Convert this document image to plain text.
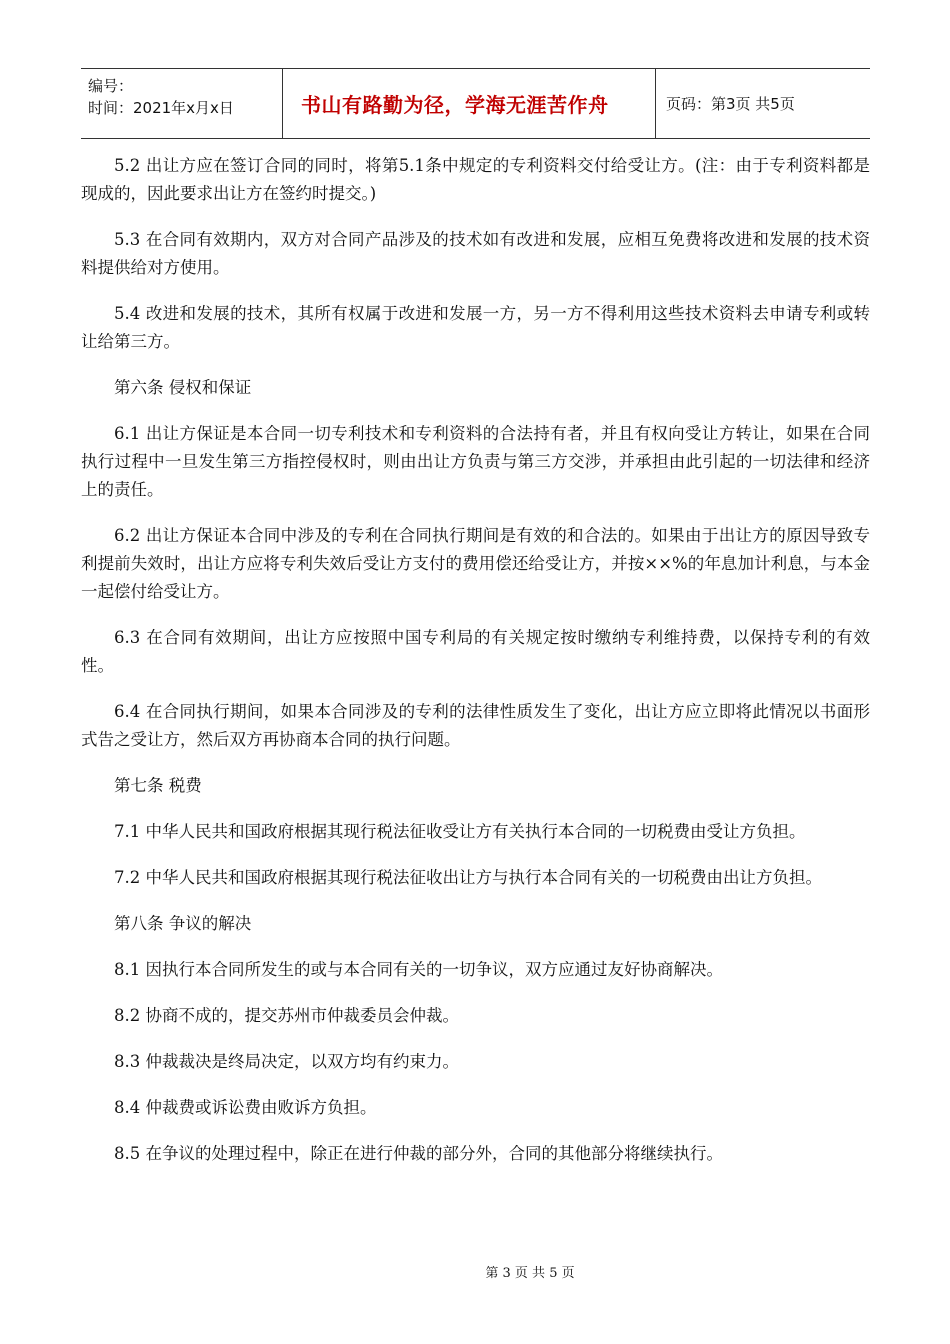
编号：
时间：2021年x月x日	书山有路勤为径，学海无涯苦作舟	页码：第3页 共5页

5.2 出让方应在签订合同的同时，将第5.1条中规定的专利资料交付给受让方。(注：由于专利资料都是现成的，因此要求出让方在签约时提交。)

5.3 在合同有效期内，双方对合同产品涉及的技术如有改进和发展，应相互免费将改进和发展的技术资料提供给对方使用。

5.4 改进和发展的技术，其所有权属于改进和发展一方，另一方不得利用这些技术资料去申请专利或转让给第三方。

第六条 侵权和保证

6.1 出让方保证是本合同一切专利技术和专利资料的合法持有者，并且有权向受让方转让，如果在合同执行过程中一旦发生第三方指控侵权时，则由出让方负责与第三方交涉，并承担由此引起的一切法律和经济上的责任。

6.2 出让方保证本合同中涉及的专利在合同执行期间是有效的和合法的。如果由于出让方的原因导致专利提前失效时，出让方应将专利失效后受让方支付的费用偿还给受让方，并按××%的年息加计利息，与本金一起偿付给受让方。

6.3 在合同有效期间，出让方应按照中国专利局的有关规定按时缴纳专利维持费，以保持专利的有效性。

6.4 在合同执行期间，如果本合同涉及的专利的法律性质发生了变化，出让方应立即将此情况以书面形式告之受让方，然后双方再协商本合同的执行问题。

第七条 税费

7.1 中华人民共和国政府根据其现行税法征收受让方有关执行本合同的一切税费由受让方负担。

7.2 中华人民共和国政府根据其现行税法征收出让方与执行本合同有关的一切税费由出让方负担。

第八条 争议的解决

8.1 因执行本合同所发生的或与本合同有关的一切争议，双方应通过友好协商解决。

8.2 协商不成的，提交苏州市仲裁委员会仲裁。

8.3 仲裁裁决是终局决定，以双方均有约束力。

8.4 仲裁费或诉讼费由败诉方负担。

8.5 在争议的处理过程中，除正在进行仲裁的部分外，合同的其他部分将继续执行。

第 3 页 共 5 页
